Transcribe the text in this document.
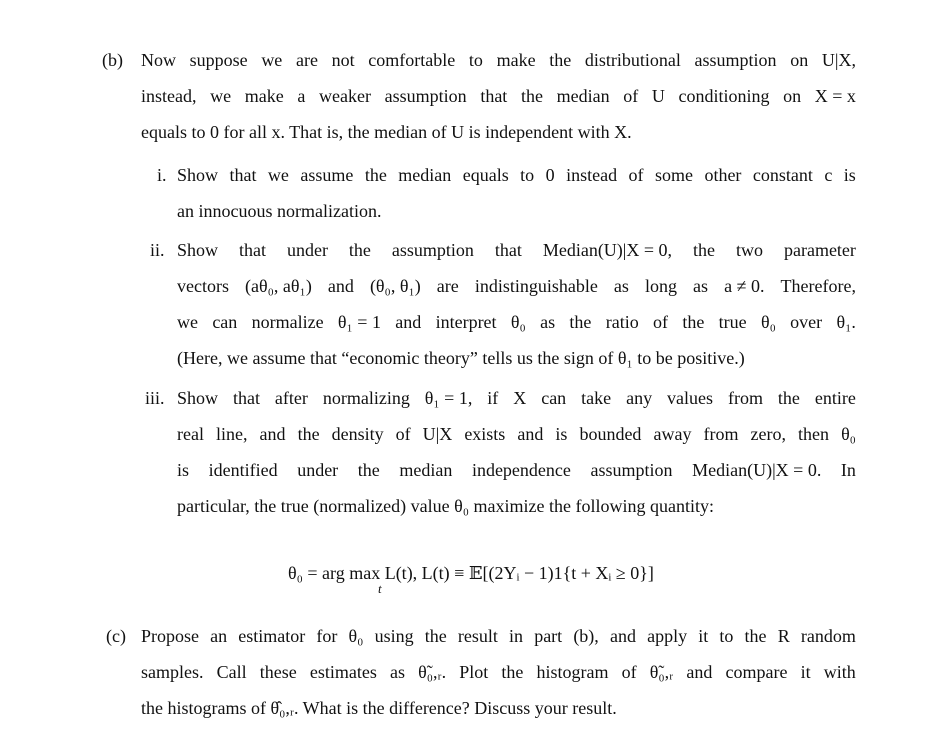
(b) Now suppose we are not comfortable to make the distributional assumption on U|X,
instead, we make a weaker assumption that the median of U conditioning on X = x
equals to 0 for all x. That is, the median of U is independent with X.
i. Show that we assume the median equals to 0 instead of some other constant c is
an innocuous normalization.
ii. Show that under the assumption that Median(U)|X = 0, the two parameter
vectors (aθ₀, aθ₁) and (θ₀, θ₁) are indistinguishable as long as a ≠ 0. Therefore,
we can normalize θ₁ = 1 and interpret θ₀ as the ratio of the true θ₀ over θ₁.
(Here, we assume that “economic theory” tells us the sign of θ₁ to be positive.)
iii. Show that after normalizing θ₁ = 1, if X can take any values from the entire
real line, and the density of U|X exists and is bounded away from zero, then θ₀
is identified under the median independence assumption Median(U)|X = 0. In
particular, the true (normalized) value θ₀ maximize the following quantity:
θ₀ = arg max L(t), L(t) ≡ 𝔼[(2Yᵢ − 1)1{t + Xᵢ ≥ 0}]
t
(c) Propose an estimator for θ₀ using the result in part (b), and apply it to the R random
samples. Call these estimates as θ̃₀,ᵣ. Plot the histogram of θ̃₀,ᵣ and compare it with
the histograms of θ̂₀,ᵣ. What is the difference? Discuss your result.
